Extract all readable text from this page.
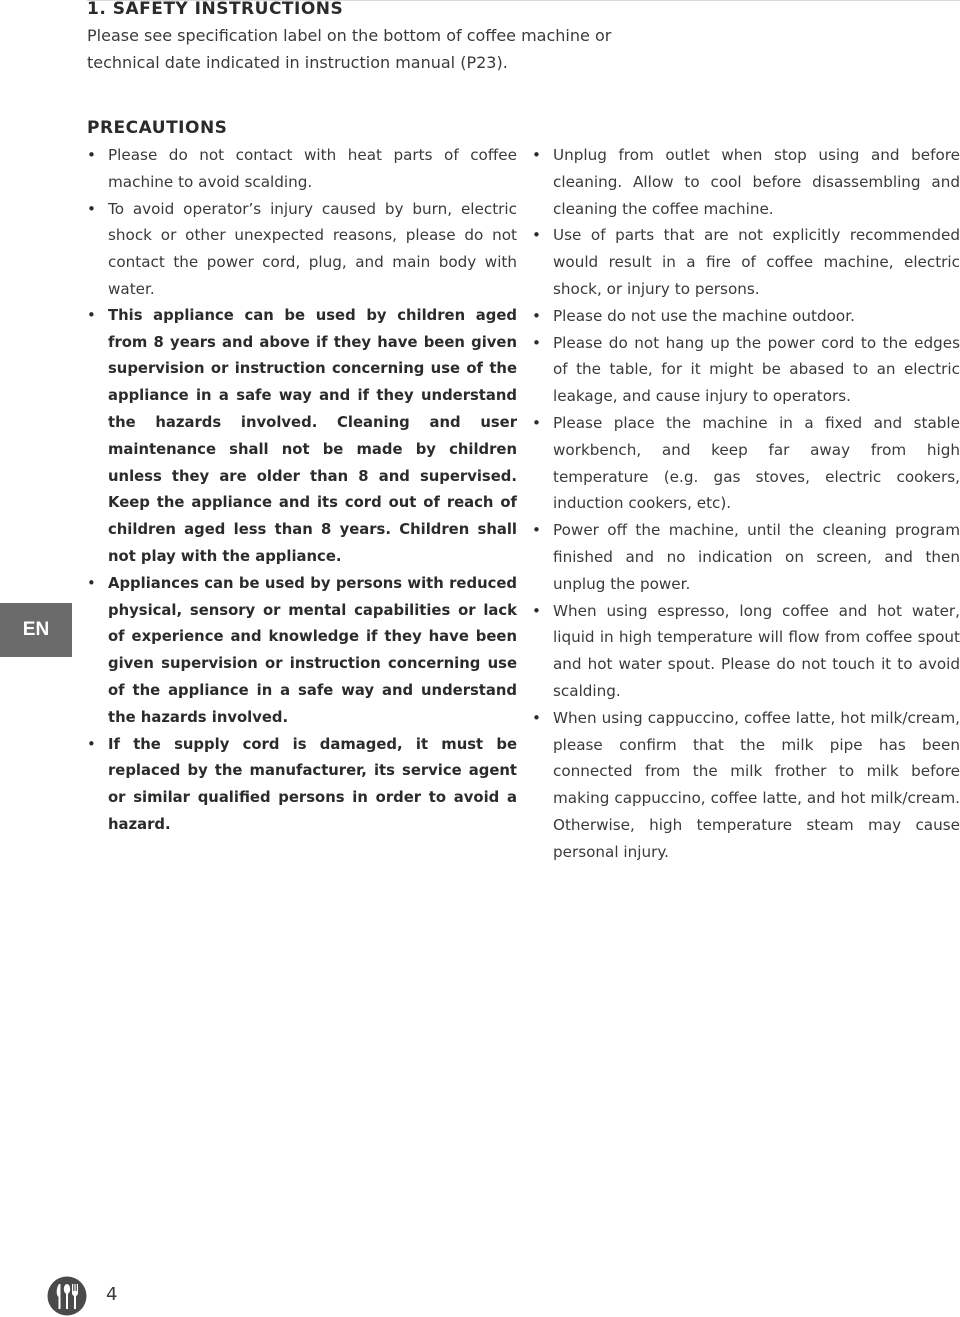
1. SAFETY INSTRUCTIONS

Please see specification label on the bottom of coffee machine or technical date indicated in instruction manual (P23).

PRECAUTIONS
• Please do not contact with heat parts of coffee machine to avoid scalding.
• To avoid operator’s injury caused by burn, electric shock or other unexpected reasons, please do not contact the power cord, plug, and main body with water.
• This appliance can be used by children aged from 8 years and above if they have been given supervision or instruction concerning use of the appliance in a safe way and if they understand the hazards involved. Cleaning and user maintenance shall not be made by children unless they are older than 8 and supervised. Keep the appliance and its cord out of reach of children aged less than 8 years. Children shall not play with the appliance.
• Appliances can be used by persons with reduced physical, sensory or mental capabilities or lack of experience and knowledge if they have been given supervision or instruction concerning use of the appliance in a safe way and understand the hazards involved.
• If the supply cord is damaged, it must be replaced by the manufacturer, its service agent or similar qualified persons in order to avoid a hazard.
• Unplug from outlet when stop using and before cleaning. Allow to cool before disassembling and cleaning the coffee machine.
• Use of parts that are not explicitly recommended would result in a fire of coffee machine, electric shock, or injury to persons.
• Please do not use the machine outdoor.
• Please do not hang up the power cord to the edges of the table, for it might be abased to an electric leakage, and cause injury to operators.
• Please place the machine in a fixed and stable workbench, and keep far away from high temperature (e.g. gas stoves, electric cookers, induction cookers, etc).
• Power off the machine, until the cleaning program finished and no indication on screen, and then unplug the power.
• When using espresso, long coffee and hot water, liquid in high temperature will flow from coffee spout and hot water spout. Please do not touch it to avoid scalding.
• When using cappuccino, coffee latte, hot milk/cream, please confirm that the milk pipe has been connected from the milk frother to milk before making cappuccino, coffee latte, and hot milk/cream. Otherwise, high temperature steam may cause personal injury.
EN

4
